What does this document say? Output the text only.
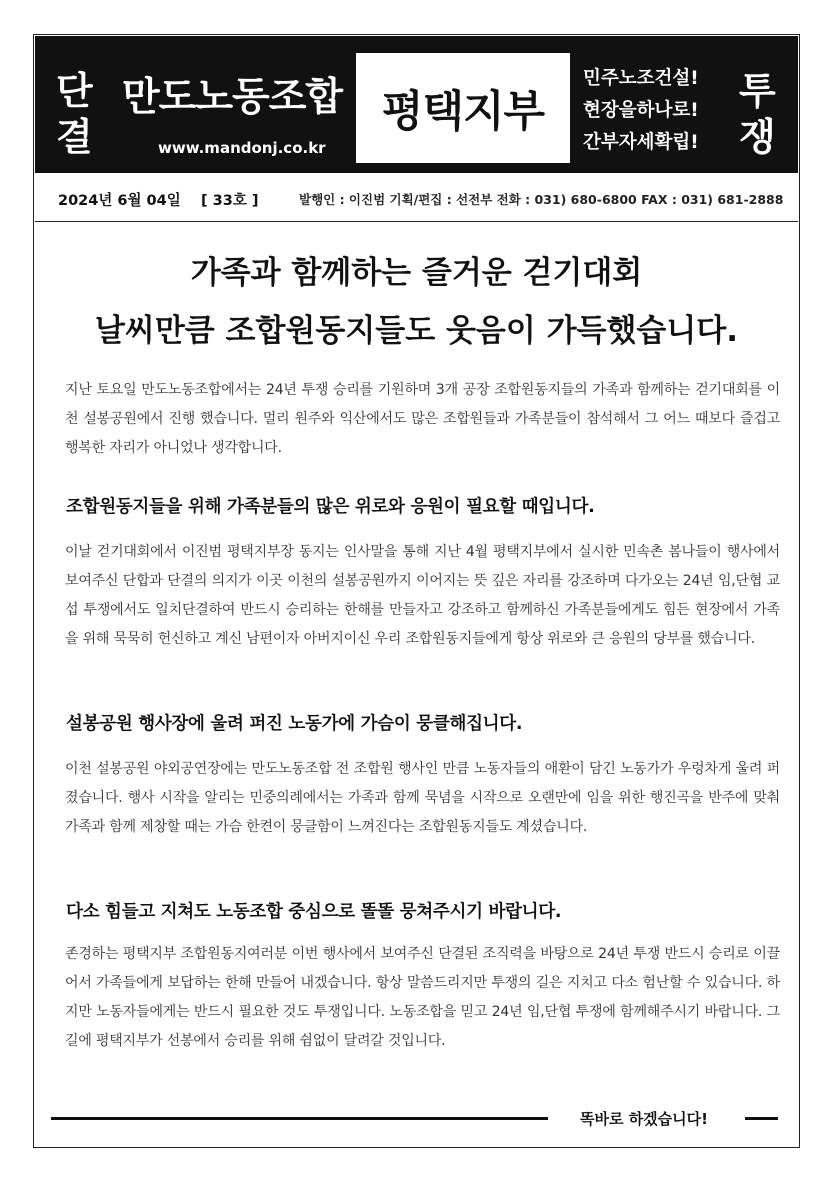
단
결
만도노동조합
www.mandonj.co.kr
평택지부
민주노조건설!
현장을하나로!
간부자세확립!
투
쟁
2024년 6월 04일 [ 33호 ]	발행인 : 이진범 기획/편집 : 선전부 전화 : 031) 680-6800 FAX : 031) 681-2888
가족과 함께하는 즐거운 걷기대회
날씨만큼 조합원동지들도 웃음이 가득했습니다.
지난 토요일 만도노동조합에서는 24년 투쟁 승리를 기원하며 3개 공장 조합원동지들의 가족과 함께하는 걷기대회를 이천 설봉공원에서 진행 했습니다. 멀리 원주와 익산에서도 많은 조합원들과 가족분들이 참석해서 그 어느 때보다 즐겁고 행복한 자리가 아니었나 생각합니다.
조합원동지들을 위해 가족분들의 많은 위로와 응원이 필요할 때입니다.
이날 걷기대회에서 이진범 평택지부장 동지는 인사말을 통해 지난 4월 평택지부에서 실시한 민속촌 봄나들이 행사에서 보여주신 단합과 단결의 의지가 이곳 이천의 설봉공원까지 이어지는 뜻 깊은 자리를 강조하며 다가오는 24년 임,단협 교섭 투쟁에서도 일치단결하여 반드시 승리하는 한해를 만들자고 강조하고 함께하신 가족분들에게도 힘든 현장에서 가족을 위해 묵묵히 헌신하고 계신 남편이자 아버지이신 우리 조합원동지들에게 항상 위로와 큰 응원의 당부를 했습니다.
설봉공원 행사장에 울려 퍼진 노동가에 가슴이 뭉클해집니다.
이천 설봉공원 야외공연장에는 만도노동조합 전 조합원 행사인 만큼 노동자들의 애환이 담긴 노동가가 우렁차게 울려 퍼졌습니다. 행사 시작을 알리는 민중의례에서는 가족과 함께 묵념을 시작으로 오랜만에 임을 위한 행진곡을 반주에 맞춰 가족과 함께 제창할 때는 가슴 한켠이 뭉클함이 느껴진다는 조합원동지들도 계셨습니다.
다소 힘들고 지쳐도 노동조합 중심으로 똘똘 뭉쳐주시기 바랍니다.
존경하는 평택지부 조합원동지여러분 이번 행사에서 보여주신 단결된 조직력을 바탕으로 24년 투쟁 반드시 승리로 이끌어서 가족들에게 보답하는 한해 만들어 내겠습니다. 항상 말씀드리지만 투쟁의 길은 지치고 다소 험난할 수 있습니다. 하지만 노동자들에게는 반드시 필요한 것도 투쟁입니다. 노동조합을 믿고 24년 임,단협 투쟁에 함께해주시기 바랍니다. 그 길에 평택지부가 선봉에서 승리를 위해 쉼없이 달려갈 것입니다.
똑바로 하겠습니다!
